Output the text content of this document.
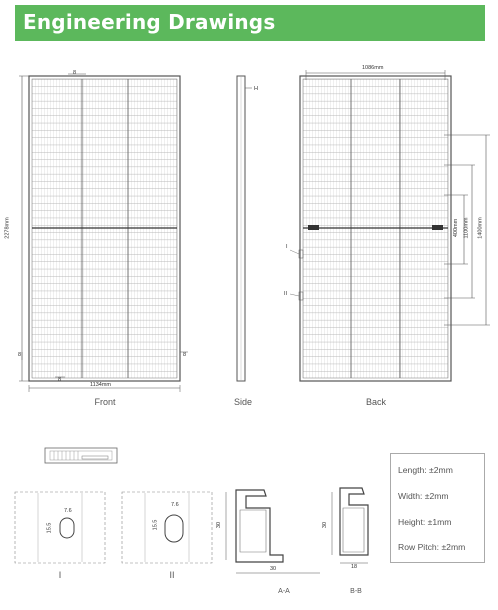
Engineering Drawings
2278mm
1134mm
8
8	8
8
H
1086mm
400mm 1100mm 1400mm
I
II
7.6
15.5
7.6
15.5	30
30
30
18
Front	Side	Back
I	II
A-A	B-B
Length: ±2mm
Width: ±2mm
Height: ±1mm
Row Pitch: ±2mm
